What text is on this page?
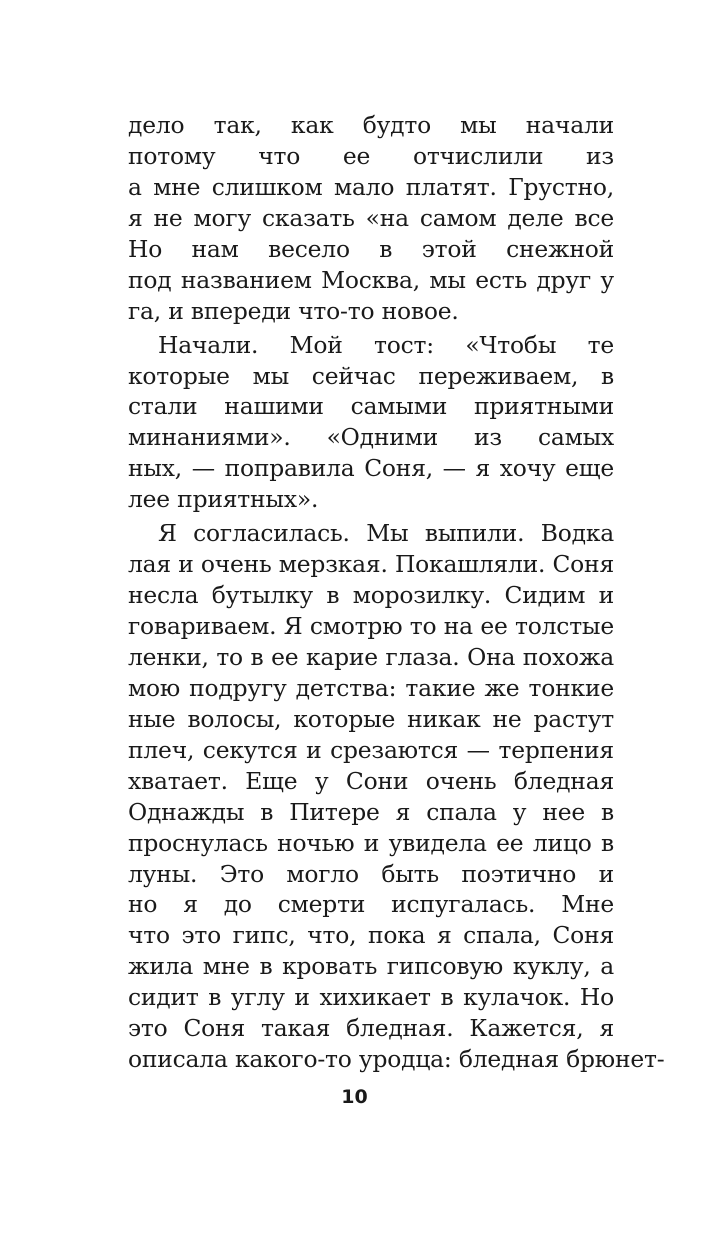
дело так, как будто мы начали
потому что ее отчислили из
а мне слишком мало платят. Грустно,
я не могу сказать «на самом деле все
Но нам весело в этой снежной
под названием Москва, мы есть друг у
га, и впереди что-то новое.
Начали. Мой тост: «Чтобы те
которые мы сейчас переживаем, в
стали нашими самыми приятными
минаниями». «Одними из самых
ных, — поправила Соня, — я хочу еще
лее приятных».
Я согласилась. Мы выпили. Водка
лая и очень мерзкая. Покашляли. Соня
несла бутылку в морозилку. Сидим и
говариваем. Я смотрю то на ее толстые
ленки, то в ее карие глаза. Она похожа
мою подругу детства: такие же тонкие
ные волосы, которые никак не растут
плеч, секутся и срезаются — терпения
хватает. Еще у Сони очень бледная
Однажды в Питере я спала у нее в
проснулась ночью и увидела ее лицо в
луны. Это могло быть поэтично и
но я до смерти испугалась. Мне
что это гипс, что, пока я спала, Соня
жила мне в кровать гипсовую куклу, а
сидит в углу и хихикает в кулачок. Но
это Соня такая бледная. Кажется, я
описала какого-то уродца: бледная брюнет-
10
